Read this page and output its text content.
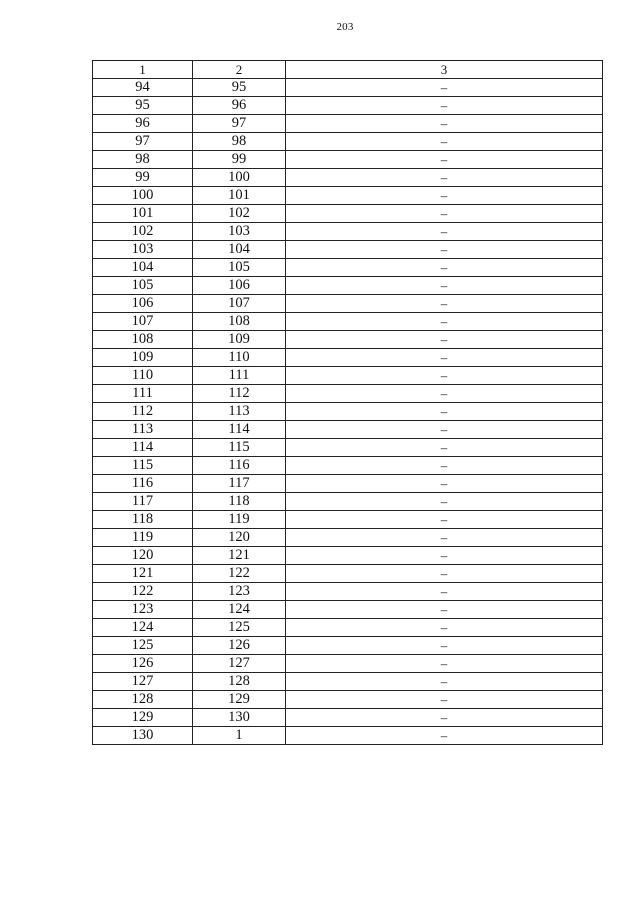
203
1	2	3
94	95	–
95	96	–
96	97	–
97	98	–
98	99	–
99	100	–
100	101	–
101	102	–
102	103	–
103	104	–
104	105	–
105	106	–
106	107	–
107	108	–
108	109	–
109	110	–
110	111	–
111	112	–
112	113	–
113	114	–
114	115	–
115	116	–
116	117	–
117	118	–
118	119	–
119	120	–
120	121	–
121	122	–
122	123	–
123	124	–
124	125	–
125	126	–
126	127	–
127	128	–
128	129	–
129	130	–
130	1	–
